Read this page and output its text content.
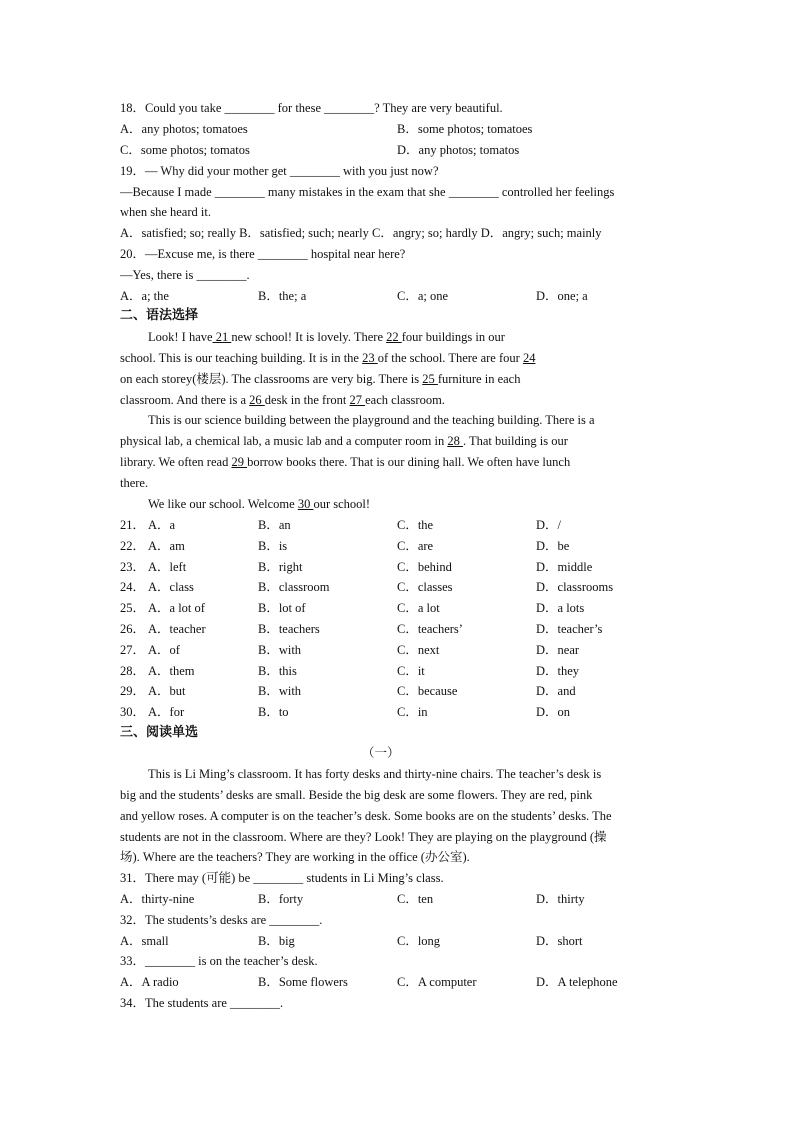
18．Could you take ________ for these ________? They are very beautiful.
A．any photos; tomatoes	B．some photos; tomatoes
C．some photos; tomatos	D．any photos; tomatos
19．— Why did your mother get ________ with you just now?
—Because I made ________ many mistakes in the exam that she ________ controlled her feelings
when she heard it.
A．satisfied; so; really B．satisfied; such; nearly C．angry; so; hardly D．angry; such; mainly
20．—Excuse me, is there ________ hospital near here?
—Yes, there is ________.
A．a; the	B．the; a	C．a; one	D．one; a
二、语法选择
Look! I have 21 new school! It is lovely. There 22 four buildings in our
school. This is our teaching building. It is in the 23 of the school. There are four 24
on each storey(楼层). The classrooms are very big. There is 25 furniture in each
classroom. And there is a 26 desk in the front 27 each classroom.
This is our science building between the playground and the teaching building. There is a
physical lab, a chemical lab, a music lab and a computer room in 28 . That building is our
library. We often read 29 borrow books there. That is our dining hall. We often have lunch
there.
We like our school. Welcome 30 our school!
21． A．a	B．an	C．the	D．/
22． A．am	B．is	C．are	D．be
23． A．left	B．right	C．behind	D．middle
24． A．class	B．classroom	C．classes	D．classrooms
25． A．a lot of	B．lot of	C．a lot	D．a lots
26． A．teacher	B．teachers	C．teachers’	D．teacher’s
27． A．of	B．with	C．next	D．near
28． A．them	B．this	C．it	D．they
29． A．but	B．with	C．because	D．and
30． A．for	B．to	C．in	D．on
三、阅读单选
（一）
This is Li Ming’s classroom. It has forty desks and thirty-nine chairs. The teacher’s desk is
big and the students’ desks are small. Beside the big desk are some flowers. They are red, pink
and yellow roses. A computer is on the teacher’s desk. Some books are on the students’ desks. The
students are not in the classroom. Where are they? Look! They are playing on the playground (操
场). Where are the teachers? They are working in the office (办公室).
31．There may (可能) be ________ students in Li Ming’s class.
A．thirty-nine	B．forty	C．ten	D．thirty
32．The students’s desks are ________.
A．small	B．big	C．long	D．short
33．________ is on the teacher’s desk.
A．A radio	B．Some flowers	C．A computer	D．A telephone
34．The students are ________.
